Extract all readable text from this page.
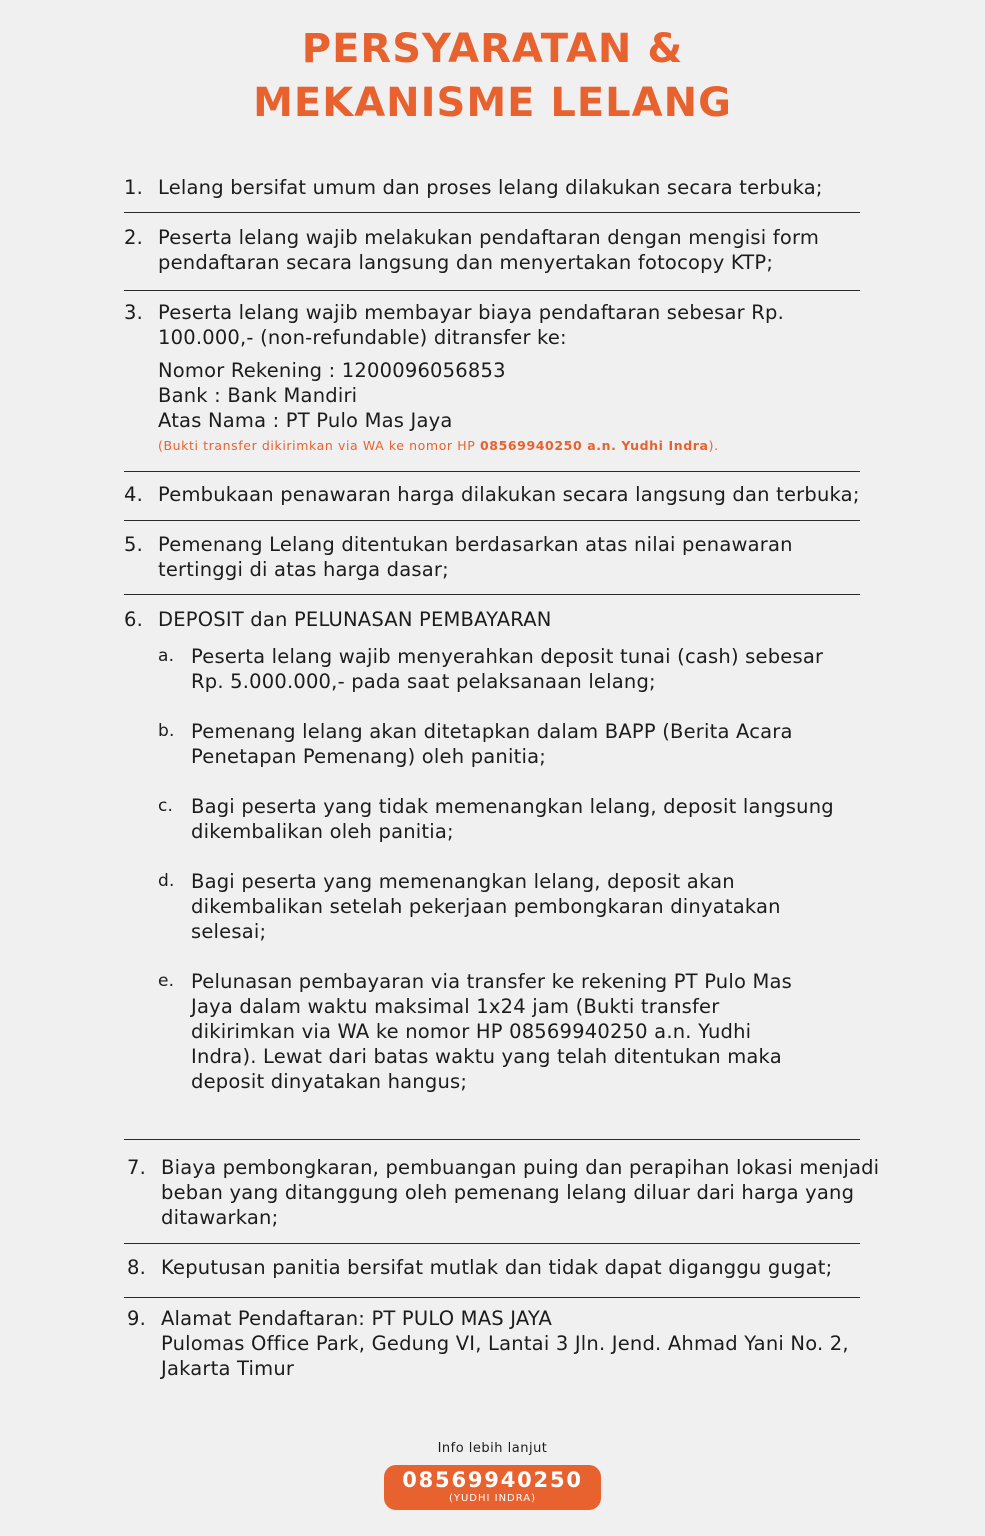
PERSYARATAN &
MEKANISME LELANG
1. Lelang bersifat umum dan proses lelang dilakukan secara terbuka;
2. Peserta lelang wajib melakukan pendaftaran dengan mengisi form
pendaftaran secara langsung dan menyertakan fotocopy KTP;
3. Peserta lelang wajib membayar biaya pendaftaran sebesar Rp.
100.000,- (non-refundable) ditransfer ke:
Nomor Rekening : 1200096056853
Bank : Bank Mandiri
Atas Nama : PT Pulo Mas Jaya
(Bukti transfer dikirimkan via WA ke nomor HP 08569940250 a.n. Yudhi Indra).
4. Pembukaan penawaran harga dilakukan secara langsung dan terbuka;
5. Pemenang Lelang ditentukan berdasarkan atas nilai penawaran
tertinggi di atas harga dasar;
6. DEPOSIT dan PELUNASAN PEMBAYARAN
a. Peserta lelang wajib menyerahkan deposit tunai (cash) sebesar
Rp. 5.000.000,- pada saat pelaksanaan lelang;
b. Pemenang lelang akan ditetapkan dalam BAPP (Berita Acara
Penetapan Pemenang) oleh panitia;
c. Bagi peserta yang tidak memenangkan lelang, deposit langsung
dikembalikan oleh panitia;
d. Bagi peserta yang memenangkan lelang, deposit akan
dikembalikan setelah pekerjaan pembongkaran dinyatakan
selesai;
e. Pelunasan pembayaran via transfer ke rekening PT Pulo Mas
Jaya dalam waktu maksimal 1x24 jam (Bukti transfer
dikirimkan via WA ke nomor HP 08569940250 a.n. Yudhi
Indra). Lewat dari batas waktu yang telah ditentukan maka
deposit dinyatakan hangus;
7. Biaya pembongkaran, pembuangan puing dan perapihan lokasi menjadi
beban yang ditanggung oleh pemenang lelang diluar dari harga yang
ditawarkan;
8. Keputusan panitia bersifat mutlak dan tidak dapat diganggu gugat;
9. Alamat Pendaftaran: PT PULO MAS JAYA
Pulomas Office Park, Gedung VI, Lantai 3 Jln. Jend. Ahmad Yani No. 2,
Jakarta Timur
Info lebih lanjut
08569940250
(YUDHI INDRA)
